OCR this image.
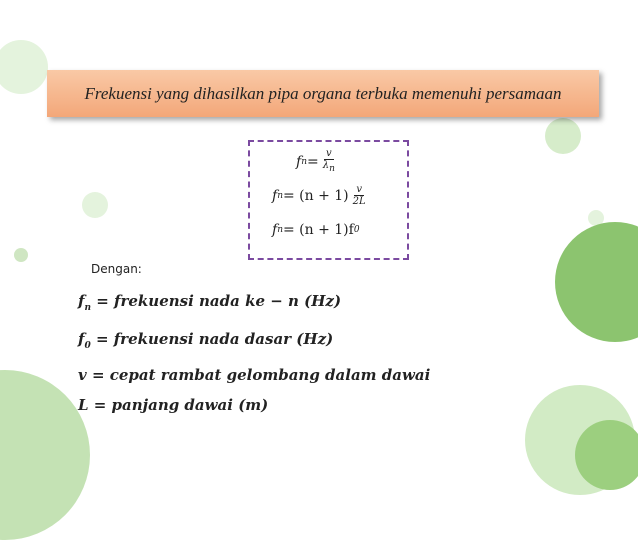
Frekuensi yang dihasilkan pipa organa terbuka memenuhi persamaan
f $n = \frac{v}{\lambda_n}$
f $n = (n + 1) \frac{v}{2L}$
f n = (n + 1)f 0
Dengan:
$f_n$ = frekuensi nada ke − n (Hz)
$f_0$ = frekuensi nada dasar (Hz)
v = cepat rambat gelombang dalam dawai
L = panjang dawai (m)
